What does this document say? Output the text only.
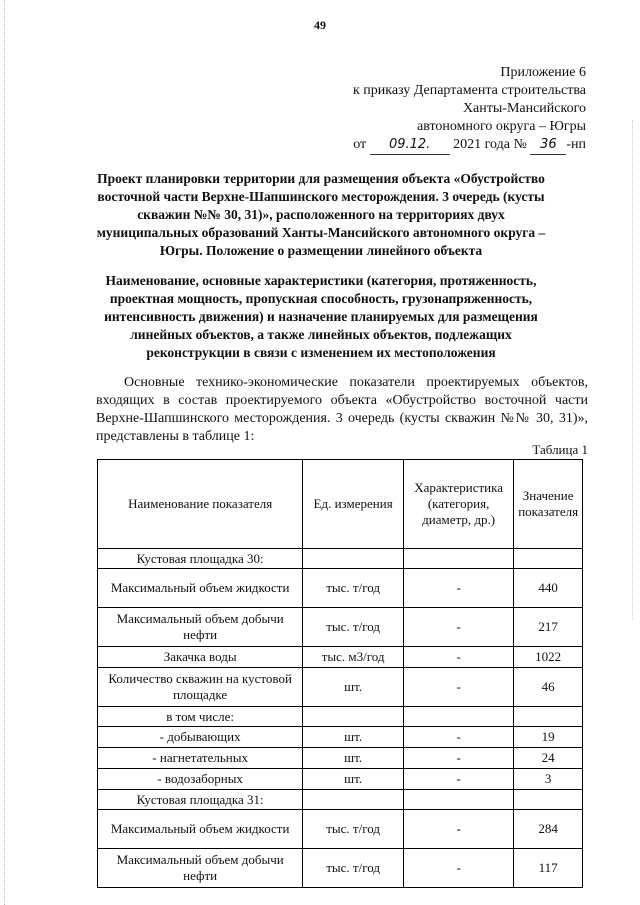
49
Приложение 6
к приказу Департамента строительства
Ханты-Мансийского
автономного округа – Югры
от 09.12. 2021 года № 36 -нп
Проект планировки территории для размещения объекта «Обустройство восточной части Верхне-Шапшинского месторождения. 3 очередь (кусты скважин №№ 30, 31)», расположенного на территориях двух муниципальных образований Ханты-Мансийского автономного округа – Югры. Положение о размещении линейного объекта
Наименование, основные характеристики (категория, протяженность, проектная мощность, пропускная способность, грузонапряженность, интенсивность движения) и назначение планируемых для размещения линейных объектов, а также линейных объектов, подлежащих реконструкции в связи с изменением их местоположения
Основные технико-экономические показатели проектируемых объектов, входящих в состав проектируемого объекта «Обустройство восточной части Верхне-Шапшинского месторождения. 3 очередь (кусты скважин №№ 30, 31)», представлены в таблице 1:
Таблица 1
Наименование показателя	Ед. измерения	Характеристика (категория, диаметр, др.)	Значение показателя
Кустовая площадка 30:			
Максимальный объем жидкости	тыс. т/год	-	440
Максимальный объем добычи нефти	тыс. т/год	-	217
Закачка воды	тыс. м3/год	-	1022
Количество скважин на кустовой площадке	шт.	-	46
в том числе:			
- добывающих	шт.	-	19
- нагнетательных	шт.	-	24
- водозаборных	шт.	-	3
Кустовая площадка 31:			
Максимальный объем жидкости	тыс. т/год	-	284
Максимальный объем добычи нефти	тыс. т/год	-	117
